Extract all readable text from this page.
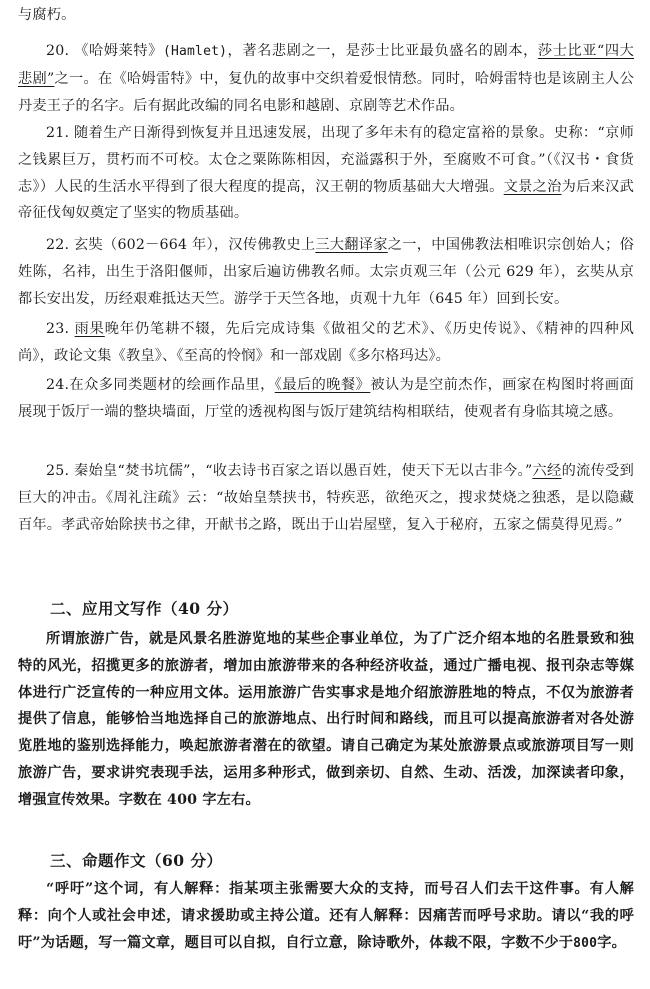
与腐朽。
20. 《哈姆莱特》(Hamlet)，著名悲剧之一，是莎士比亚最负盛名的剧本，莎士比亚“四大悲剧”之一。在《哈姆雷特》中，复仇的故事中交织着爱恨情愁。同时，哈姆雷特也是该剧主人公丹麦王子的名字。后有据此改编的同名电影和越剧、京剧等艺术作品。
21. 随着生产日渐得到恢复并且迅速发展，出现了多年未有的稳定富裕的景象。史称：“京师之钱累巨万，贯朽而不可校。太仓之粟陈陈相因，充溢露积于外，至腐败不可食。”（《汉书・食货志》）人民的生活水平得到了很大程度的提高，汉王朝的物质基础大大增强。文景之治为后来汉武帝征伐匈奴奠定了坚实的物质基础。
22. 玄奘（602－664 年），汉传佛教史上三大翻译家之一，中国佛教法相唯识宗创始人；俗姓陈，名祎，出生于洛阳偃师，出家后遍访佛教名师。太宗贞观三年（公元 629 年），玄奘从京都长安出发，历经艰难抵达天竺。游学于天竺各地，贞观十九年（645 年）回到长安。
23. 雨果晚年仍笔耕不辍，先后完成诗集《做祖父的艺术》、《历史传说》、《精神的四种风尚》，政论文集《教皇》、《至高的怜悯》和一部戏剧《多尔格玛达》。
24.在众多同类题材的绘画作品里，《最后的晚餐》被认为是空前杰作，画家在构图时将画面展现于饭厅一端的整块墙面，厅堂的透视构图与饭厅建筑结构相联结，使观者有身临其境之感。
25. 秦始皇“焚书坑儒”，“收去诗书百家之语以愚百姓，使天下无以古非今。”六经的流传受到巨大的冲击。《周礼注疏》云：“故始皇禁挟书，特疾恶，欲绝灭之，搜求焚烧之独悉，是以隐藏百年。孝武帝始除挟书之律，开献书之路，既出于山岩屋壁，复入于秘府，五家之儒莫得见焉。”
二、应用文写作（40 分）
所谓旅游广告，就是风景名胜游览地的某些企事业单位，为了广泛介绍本地的名胜景致和独特的风光，招揽更多的旅游者，增加由旅游带来的各种经济收益，通过广播电视、报刊杂志等媒体进行广泛宣传的一种应用文体。运用旅游广告实事求是地介绍旅游胜地的特点，不仅为旅游者提供了信息，能够恰当地选择自己的旅游地点、出行时间和路线，而且可以提高旅游者对各处游览胜地的鉴别选择能力，唤起旅游者潜在的欲望。请自己确定为某处旅游景点或旅游项目写一则旅游广告，要求讲究表现手法，运用多种形式，做到亲切、自然、生动、活泼，加深读者印象，增强宣传效果。字数在 400 字左右。
三、命题作文（60 分）
“呼吁”这个词，有人解释：指某项主张需要大众的支持，而号召人们去干这件事。有人解释：向个人或社会申述，请求援助或主持公道。还有人解释：因痛苦而呼号求助。请以“我的呼吁”为话题，写一篇文章，题目可以自拟，自行立意，除诗歌外，体裁不限，字数不少于800字。
